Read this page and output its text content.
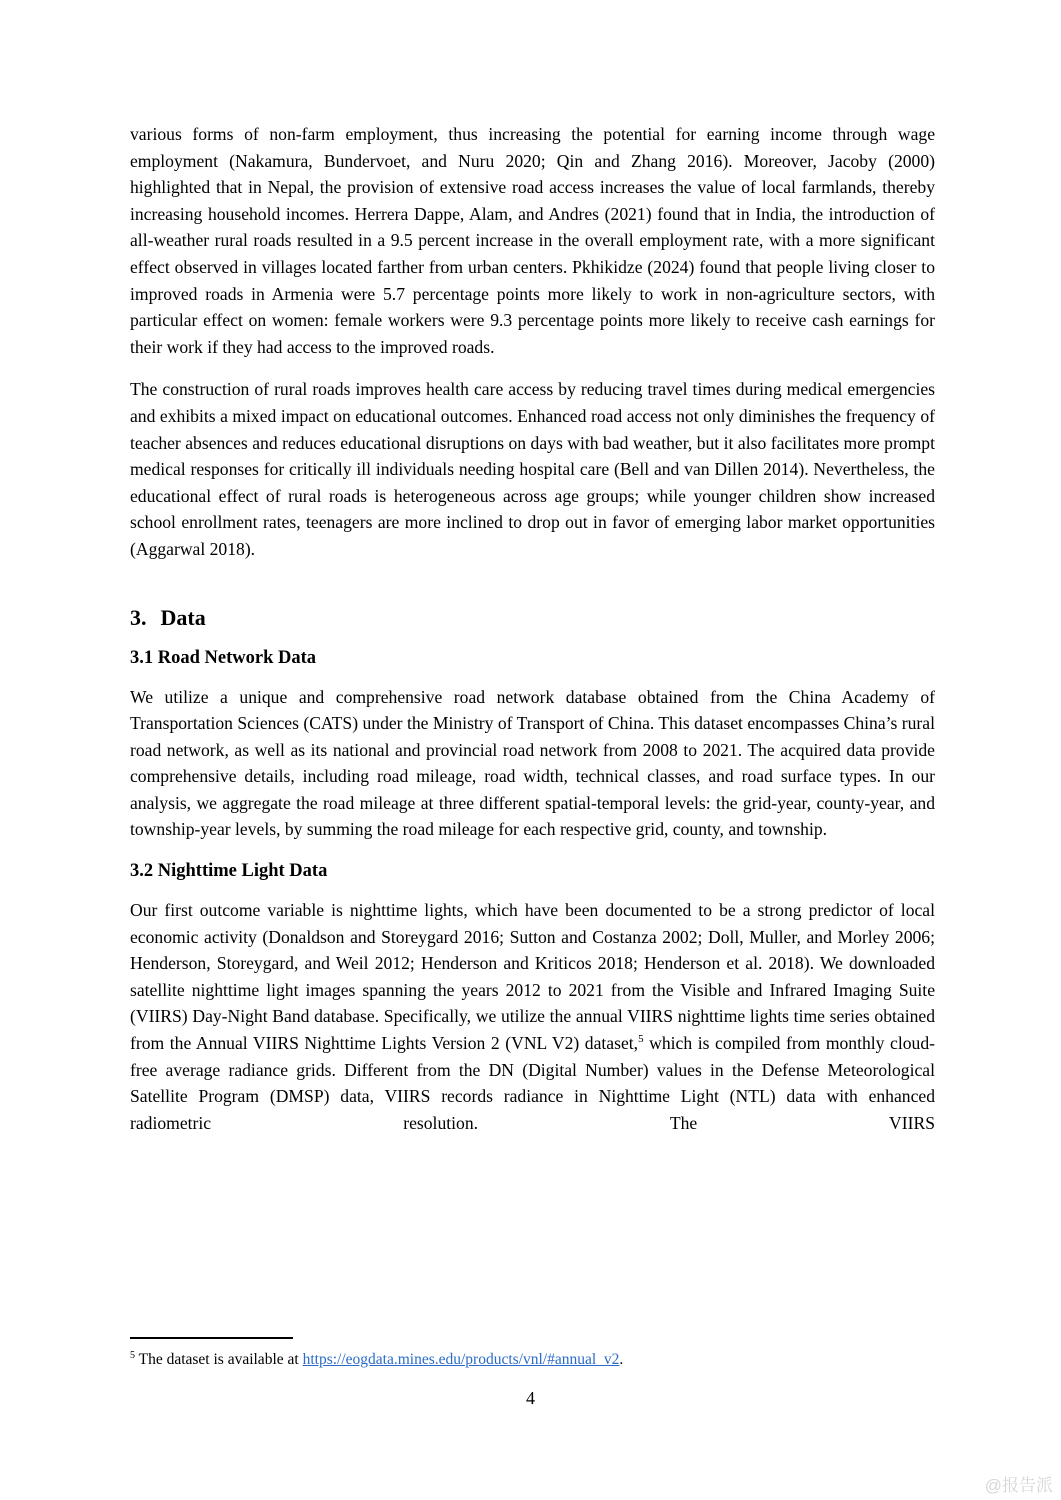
various forms of non-farm employment, thus increasing the potential for earning income through wage employment (Nakamura, Bundervoet, and Nuru 2020; Qin and Zhang 2016). Moreover, Jacoby (2000) highlighted that in Nepal, the provision of extensive road access increases the value of local farmlands, thereby increasing household incomes. Herrera Dappe, Alam, and Andres (2021) found that in India, the introduction of all-weather rural roads resulted in a 9.5 percent increase in the overall employment rate, with a more significant effect observed in villages located farther from urban centers. Pkhikidze (2024) found that people living closer to improved roads in Armenia were 5.7 percentage points more likely to work in non-agriculture sectors, with particular effect on women: female workers were 9.3 percentage points more likely to receive cash earnings for their work if they had access to the improved roads.

The construction of rural roads improves health care access by reducing travel times during medical emergencies and exhibits a mixed impact on educational outcomes. Enhanced road access not only diminishes the frequency of teacher absences and reduces educational disruptions on days with bad weather, but it also facilitates more prompt medical responses for critically ill individuals needing hospital care (Bell and van Dillen 2014). Nevertheless, the educational effect of rural roads is heterogeneous across age groups; while younger children show increased school enrollment rates, teenagers are more inclined to drop out in favor of emerging labor market opportunities (Aggarwal 2018).

3. Data
3.1 Road Network Data

We utilize a unique and comprehensive road network database obtained from the China Academy of Transportation Sciences (CATS) under the Ministry of Transport of China. This dataset encompasses China’s rural road network, as well as its national and provincial road network from 2008 to 2021. The acquired data provide comprehensive details, including road mileage, road width, technical classes, and road surface types. In our analysis, we aggregate the road mileage at three different spatial-temporal levels: the grid-year, county-year, and township-year levels, by summing the road mileage for each respective grid, county, and township.

3.2 Nighttime Light Data

Our first outcome variable is nighttime lights, which have been documented to be a strong predictor of local economic activity (Donaldson and Storeygard 2016; Sutton and Costanza 2002; Doll, Muller, and Morley 2006; Henderson, Storeygard, and Weil 2012; Henderson and Kriticos 2018; Henderson et al. 2018). We downloaded satellite nighttime light images spanning the years 2012 to 2021 from the Visible and Infrared Imaging Suite (VIIRS) Day-Night Band database. Specifically, we utilize the annual VIIRS nighttime lights time series obtained from the Annual VIIRS Nighttime Lights Version 2 (VNL V2) dataset,$^5$ which is compiled from monthly cloud-free average radiance grids. Different from the DN (Digital Number) values in the Defense Meteorological Satellite Program (DMSP) data, VIIRS records radiance in Nighttime Light (NTL) data with enhanced radiometric resolution. The VIIRS

$^5$ The dataset is available at https://eogdata.mines.edu/products/vnl/#annual_v2.

4
@报告派
